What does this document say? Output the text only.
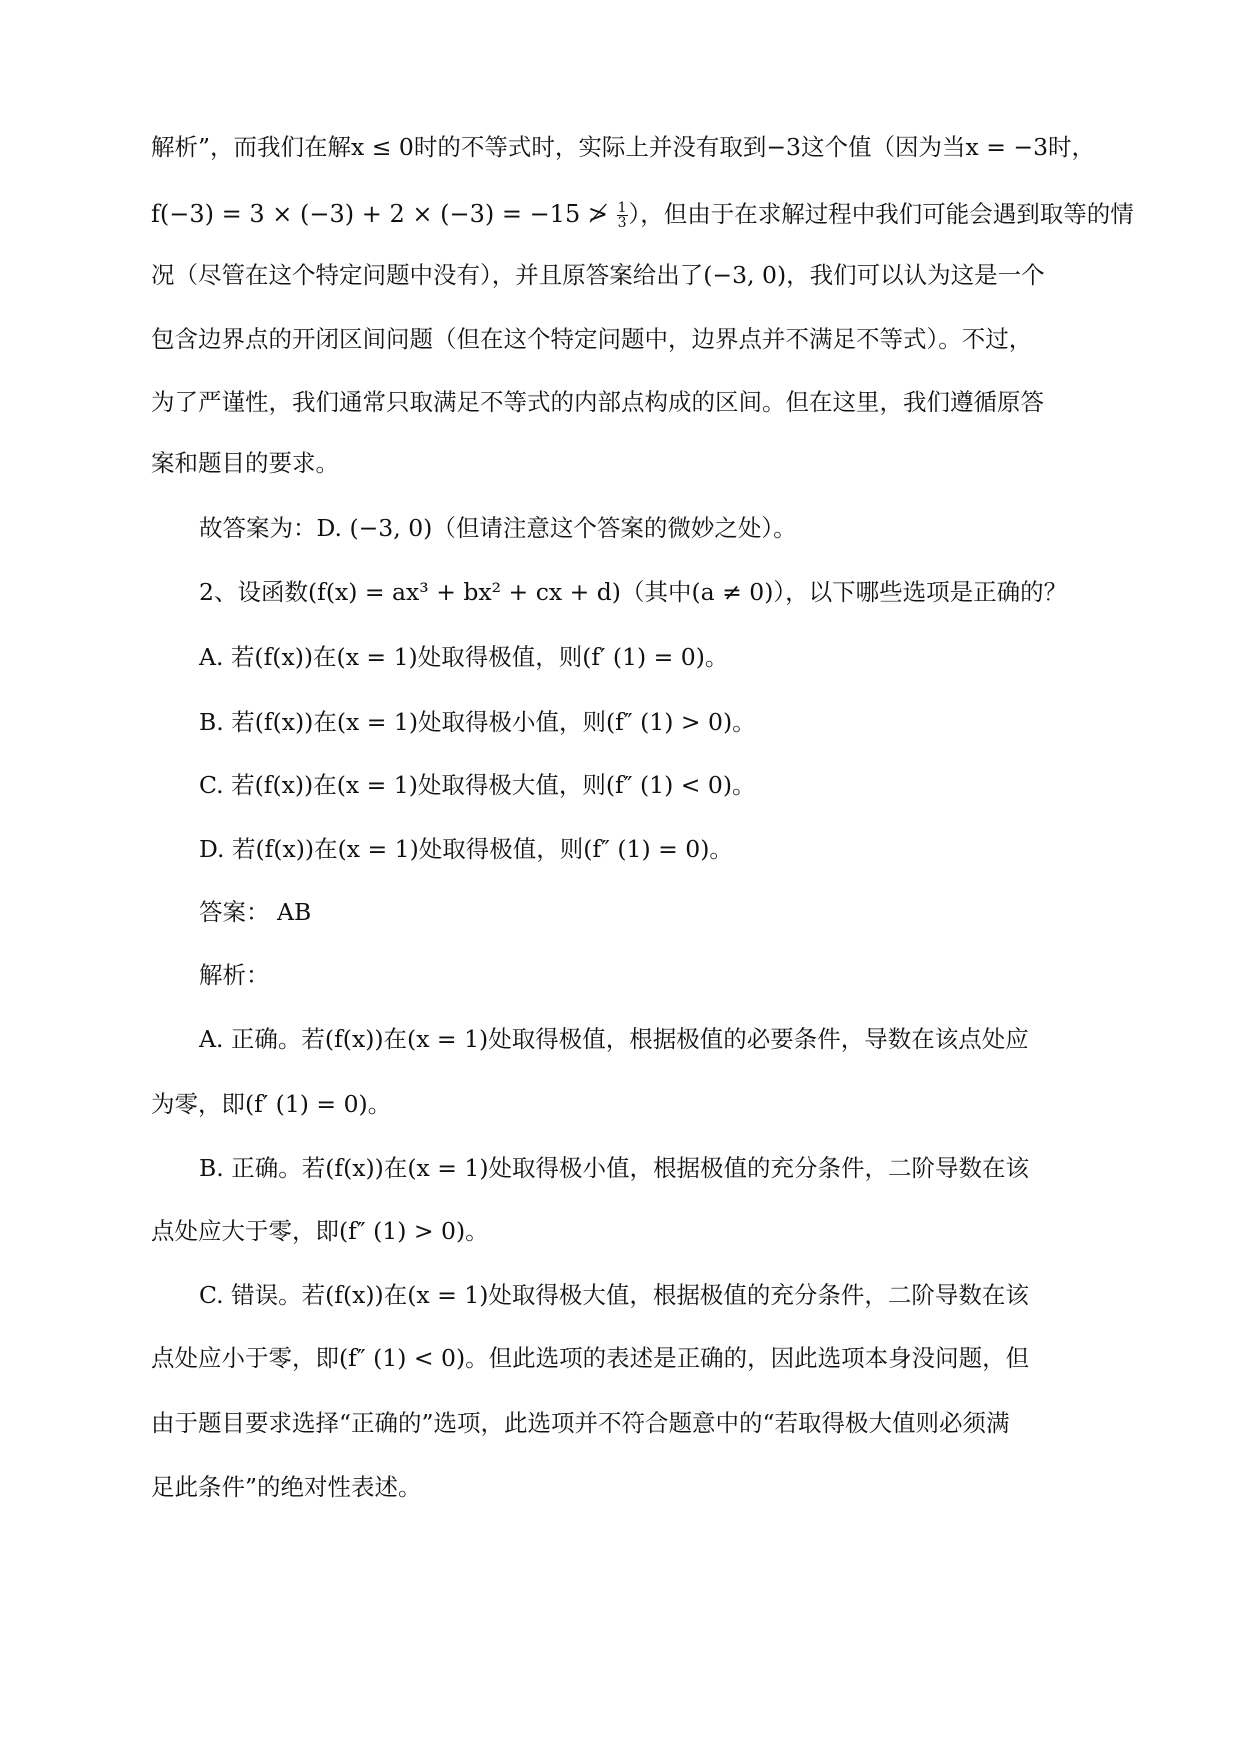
解析”，而我们在解x ≤ 0时的不等式时，实际上并没有取到−3这个值（因为当x = −3时，
f(−3) = 3 × (−3) + 2 × (−3) = −15 ≯ $\frac{1}{3}$ ），但由于在求解过程中我们可能会遇到取等的情
况（尽管在这个特定问题中没有），并且原答案给出了(−3, 0)，我们可以认为这是一个
包含边界点的开闭区间问题（但在这个特定问题中，边界点并不满足不等式）。不过，
为了严谨性，我们通常只取满足不等式的内部点构成的区间。但在这里，我们遵循原答
案和题目的要求。
故答案为：D. (−3, 0)（但请注意这个答案的微妙之处）。
2、设函数(f(x) = ax³ + bx² + cx + d)（其中(a ≠ 0)），以下哪些选项是正确的？
A. 若(f(x))在(x = 1)处取得极值，则(f′ (1) = 0)。
B. 若(f(x))在(x = 1)处取得极小值，则(f″ (1) > 0)。
C. 若(f(x))在(x = 1)处取得极大值，则(f″ (1) < 0)。
D. 若(f(x))在(x = 1)处取得极值，则(f″ (1) = 0)。
答案： AB
解析：
A. 正确。若(f(x))在(x = 1)处取得极值，根据极值的必要条件，导数在该点处应
为零，即(f′ (1) = 0)。
B. 正确。若(f(x))在(x = 1)处取得极小值，根据极值的充分条件，二阶导数在该
点处应大于零，即(f″ (1) > 0)。
C. 错误。若(f(x))在(x = 1)处取得极大值，根据极值的充分条件，二阶导数在该
点处应小于零，即(f″ (1) < 0)。但此选项的表述是正确的，因此选项本身没问题，但
由于题目要求选择“正确的”选项，此选项并不符合题意中的“若取得极大值则必须满
足此条件”的绝对性表述。
